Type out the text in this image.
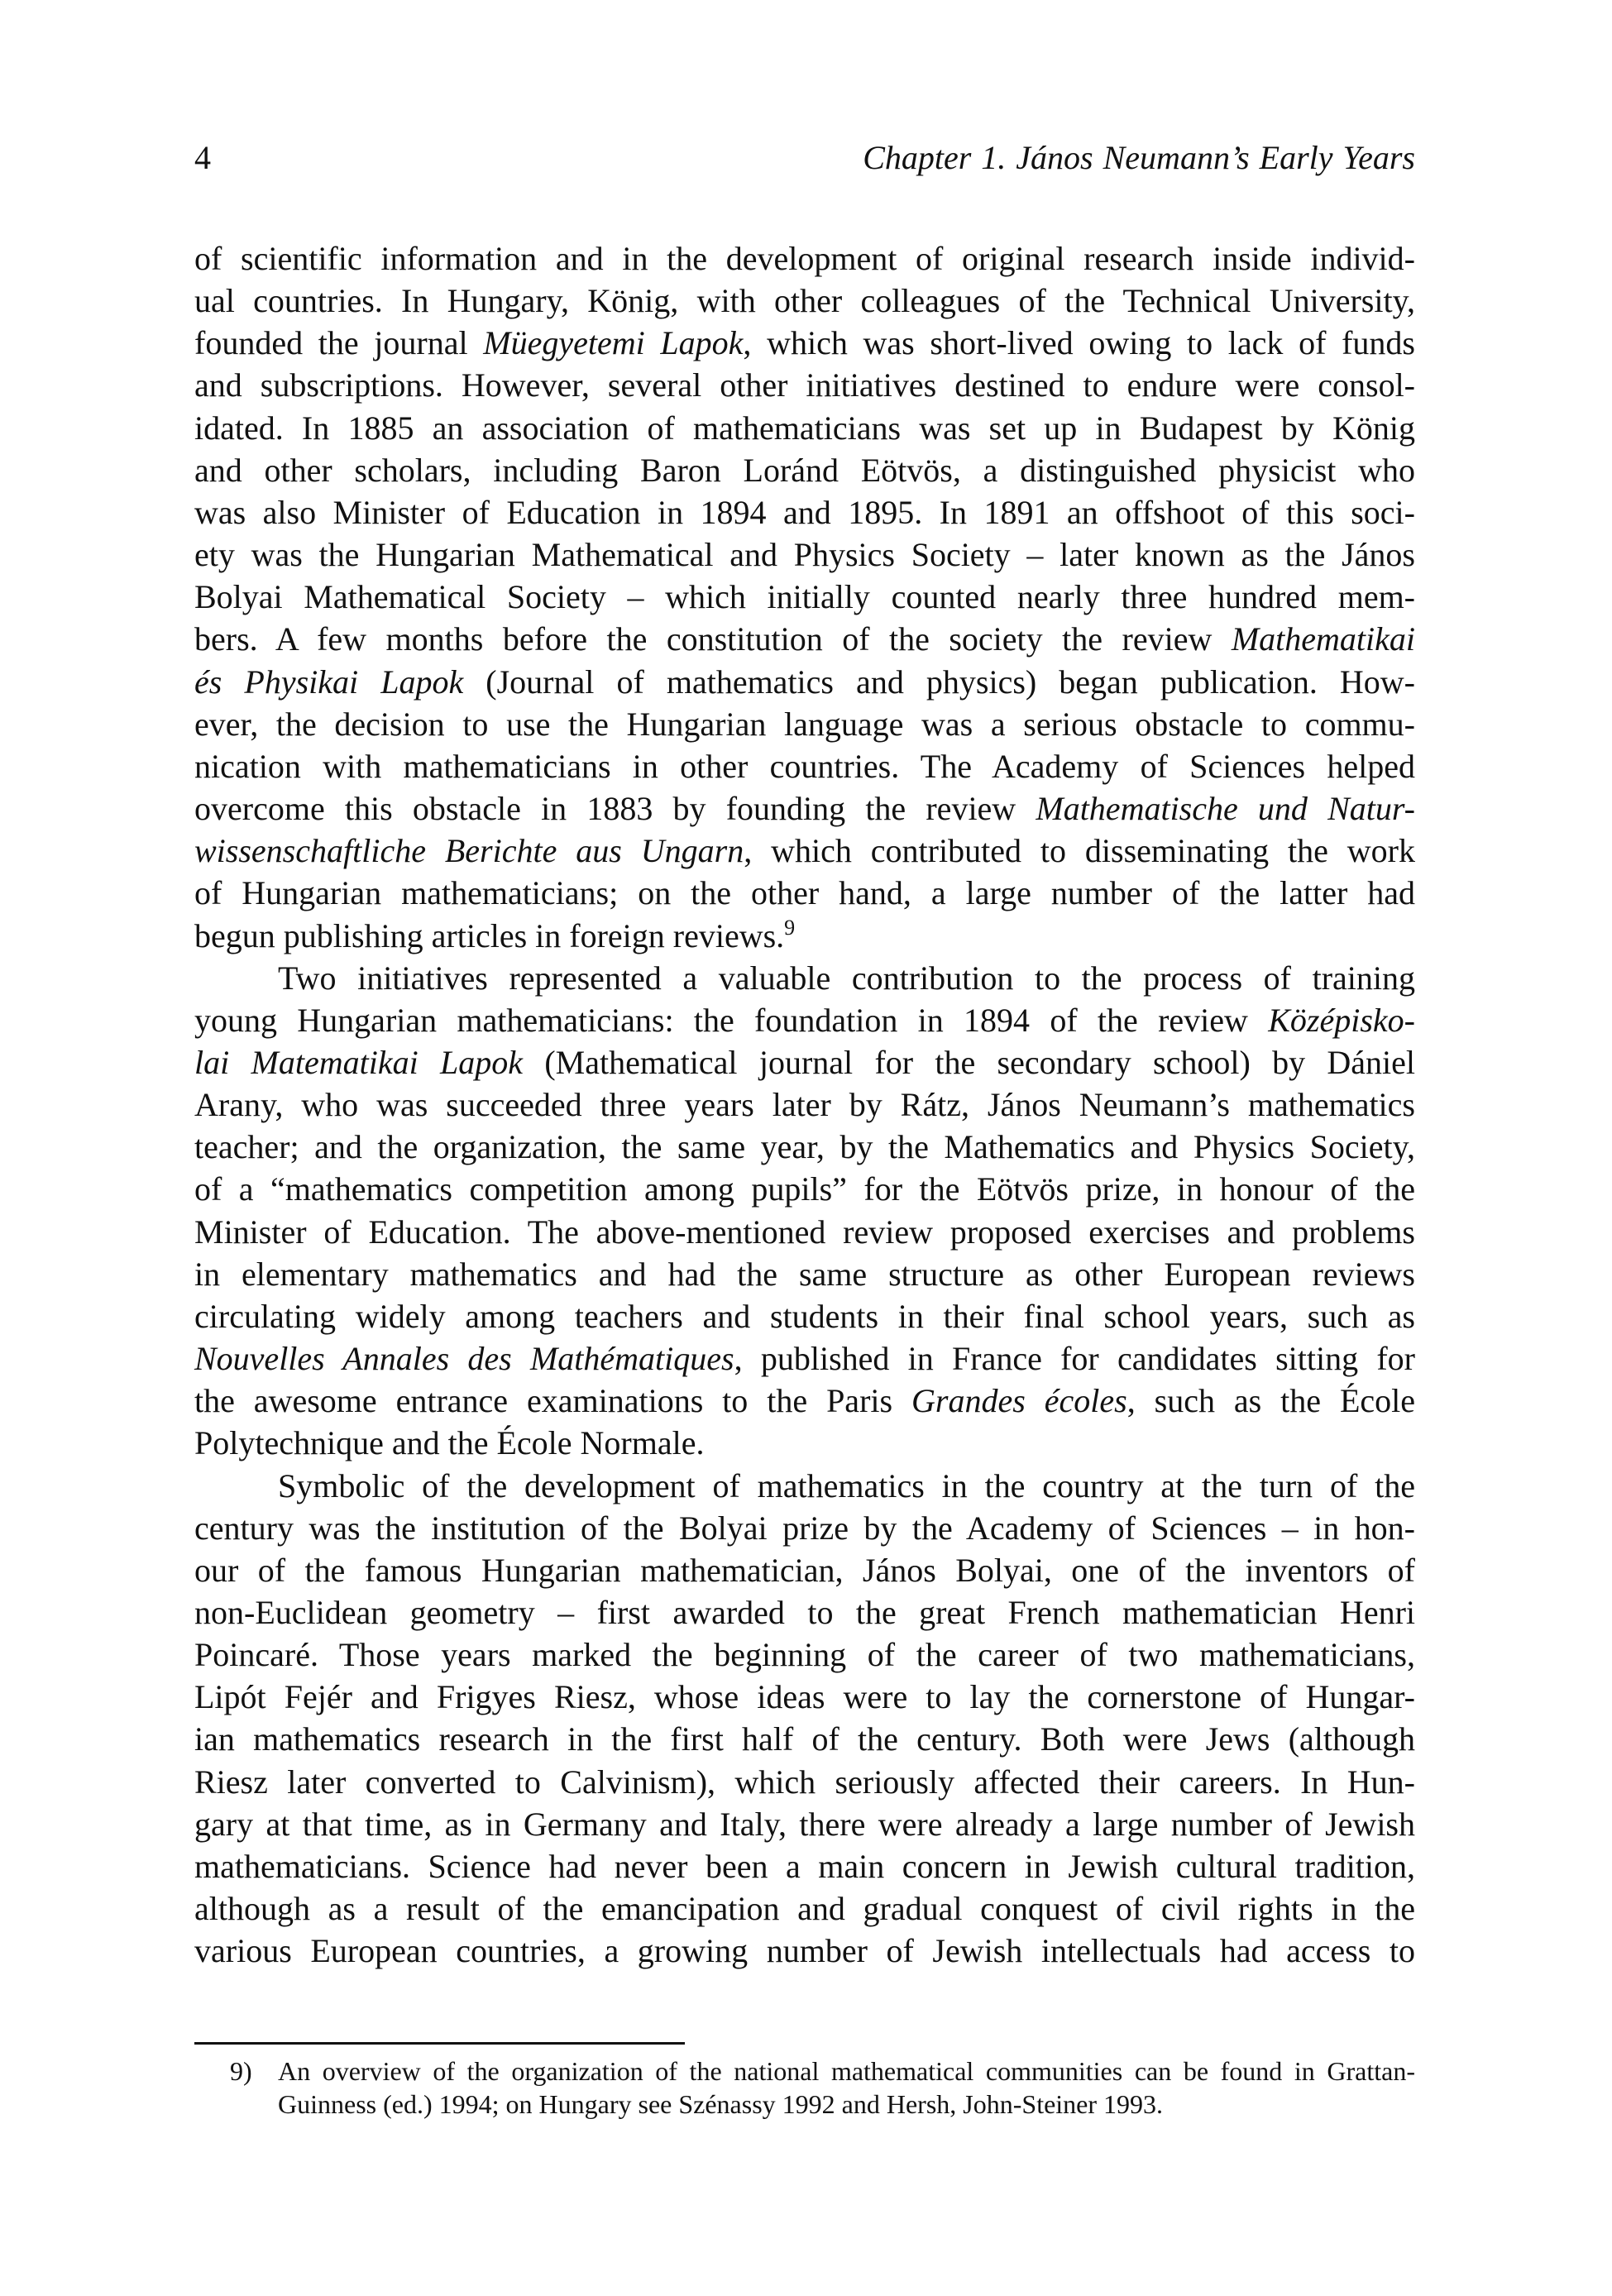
4	Chapter 1. János Neumann’s Early Years
of scientific information and in the development of original research inside individ-
ual countries. In Hungary, König, with other colleagues of the Technical University,
founded the journal Müegyetemi Lapok, which was short-lived owing to lack of funds
and subscriptions. However, several other initiatives destined to endure were consol-
idated. In 1885 an association of mathematicians was set up in Budapest by König
and other scholars, including Baron Loránd Eötvös, a distinguished physicist who
was also Minister of Education in 1894 and 1895. In 1891 an offshoot of this soci-
ety was the Hungarian Mathematical and Physics Society – later known as the János
Bolyai Mathematical Society – which initially counted nearly three hundred mem-
bers. A few months before the constitution of the society the review Mathematikai
és Physikai Lapok (Journal of mathematics and physics) began publication. How-
ever, the decision to use the Hungarian language was a serious obstacle to commu-
nication with mathematicians in other countries. The Academy of Sciences helped
overcome this obstacle in 1883 by founding the review Mathematische und Natur-
wissenschaftliche Berichte aus Ungarn, which contributed to disseminating the work
of Hungarian mathematicians; on the other hand, a large number of the latter had
begun publishing articles in foreign reviews.$^9$
Two initiatives represented a valuable contribution to the process of training
young Hungarian mathematicians: the foundation in 1894 of the review Középisko-
lai Matematikai Lapok (Mathematical journal for the secondary school) by Dániel
Arany, who was succeeded three years later by Rátz, János Neumann’s mathematics
teacher; and the organization, the same year, by the Mathematics and Physics Society,
of a “mathematics competition among pupils” for the Eötvös prize, in honour of the
Minister of Education. The above-mentioned review proposed exercises and problems
in elementary mathematics and had the same structure as other European reviews
circulating widely among teachers and students in their final school years, such as
Nouvelles Annales des Mathématiques, published in France for candidates sitting for
the awesome entrance examinations to the Paris Grandes écoles, such as the École
Polytechnique and the École Normale.
Symbolic of the development of mathematics in the country at the turn of the
century was the institution of the Bolyai prize by the Academy of Sciences – in hon-
our of the famous Hungarian mathematician, János Bolyai, one of the inventors of
non-Euclidean geometry – first awarded to the great French mathematician Henri
Poincaré. Those years marked the beginning of the career of two mathematicians,
Lipót Fejér and Frigyes Riesz, whose ideas were to lay the cornerstone of Hungar-
ian mathematics research in the first half of the century. Both were Jews (although
Riesz later converted to Calvinism), which seriously affected their careers. In Hun-
gary at that time, as in Germany and Italy, there were already a large number of Jewish
mathematicians. Science had never been a main concern in Jewish cultural tradition,
although as a result of the emancipation and gradual conquest of civil rights in the
various European countries, a growing number of Jewish intellectuals had access to
9) An overview of the organization of the national mathematical communities can be found in Grattan-
Guinness (ed.) 1994; on Hungary see Szénassy 1992 and Hersh, John-Steiner 1993.
